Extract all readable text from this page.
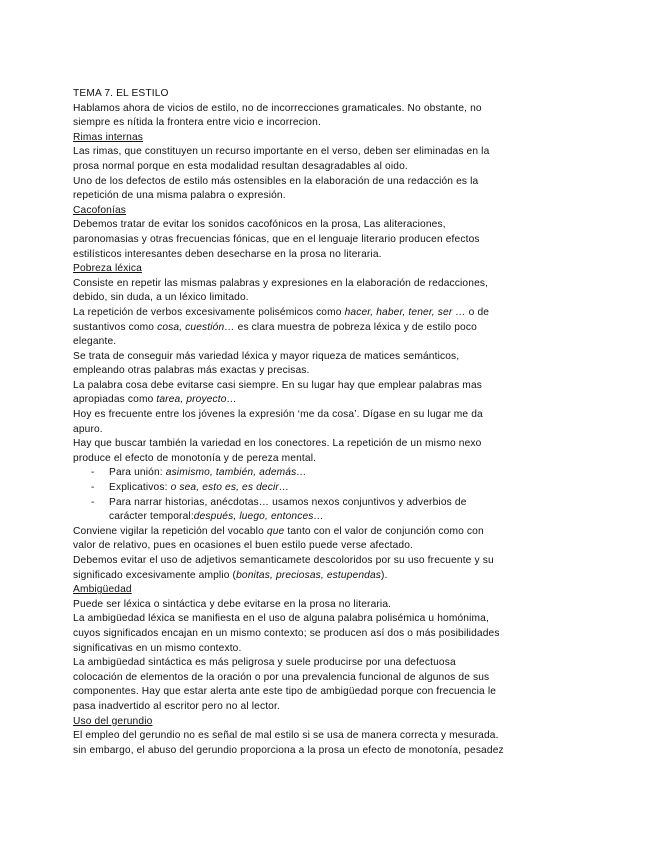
TEMA 7. EL ESTILO
Hablamos ahora de vicios de estilo, no de incorrecciones gramaticales. No obstante, no
siempre es nítida la frontera entre vicio e incorrecion.
Rimas internas
Las rimas, que constituyen un recurso importante en el verso, deben ser eliminadas en la
prosa normal porque en esta modalidad resultan desagradables al oido.
Uno de los defectos de estilo más ostensibles en la elaboración de una redacción es la
repetición de una misma palabra o expresión.
Cacofonías
Debemos tratar de evitar los sonidos cacofónicos en la prosa, Las aliteraciones,
paronomasias y otras frecuencias fónicas, que en el lenguaje literario producen efectos
estilísticos interesantes deben desecharse en la prosa no literaria.
Pobreza léxica
Consiste en repetir las mismas palabras y expresiones en la elaboración de redacciones,
debido, sin duda, a un léxico limitado.
La repetición de verbos excesivamente polisémicos como hacer, haber, tener, ser … o de
sustantivos como cosa, cuestión… es clara muestra de pobreza léxica y de estilo poco
elegante.
Se trata de conseguir más variedad léxica y mayor riqueza de matices semánticos,
empleando otras palabras más exactas y precisas.
La palabra cosa debe evitarse casi siempre. En su lugar hay que emplear palabras mas
apropiadas como tarea, proyecto…
Hoy es frecuente entre los jóvenes la expresión ‘me da cosa’. Dígase en su lugar me da
apuro.
Hay que buscar también la variedad en los conectores. La repetición de un mismo nexo
produce el efecto de monotonía y de pereza mental.
- Para unión: asimismo, también, además…
- Explicativos: o sea, esto es, es decir…
- Para narrar historias, anécdotas… usamos nexos conjuntivos y adverbios de
carácter temporal:después, luego, entonces…
Conviene vigilar la repetición del vocablo que tanto con el valor de conjunción como con
valor de relativo, pues en ocasiones el buen estilo puede verse afectado.
Debemos evitar el uso de adjetivos semanticamete descoloridos por su uso frecuente y su
significado excesivamente amplio (bonitas, preciosas, estupendas).
Ambigüedad
Puede ser léxica o sintáctica y debe evitarse en la prosa no literaria.
La ambigüedad léxica se manifiesta en el uso de alguna palabra polisémica u homónima,
cuyos significados encajan en un mismo contexto; se producen así dos o más posibilidades
significativas en un mismo contexto.
La ambigüedad sintáctica es más peligrosa y suele producirse por una defectuosa
colocación de elementos de la oración o por una prevalencia funcional de algunos de sus
componentes. Hay que estar alerta ante este tipo de ambigüedad porque con frecuencia le
pasa inadvertido al escritor pero no al lector.
Uso del gerundio
El empleo del gerundio no es señal de mal estilo si se usa de manera correcta y mesurada.
sin embargo, el abuso del gerundio proporciona a la prosa un efecto de monotonía, pesadez
